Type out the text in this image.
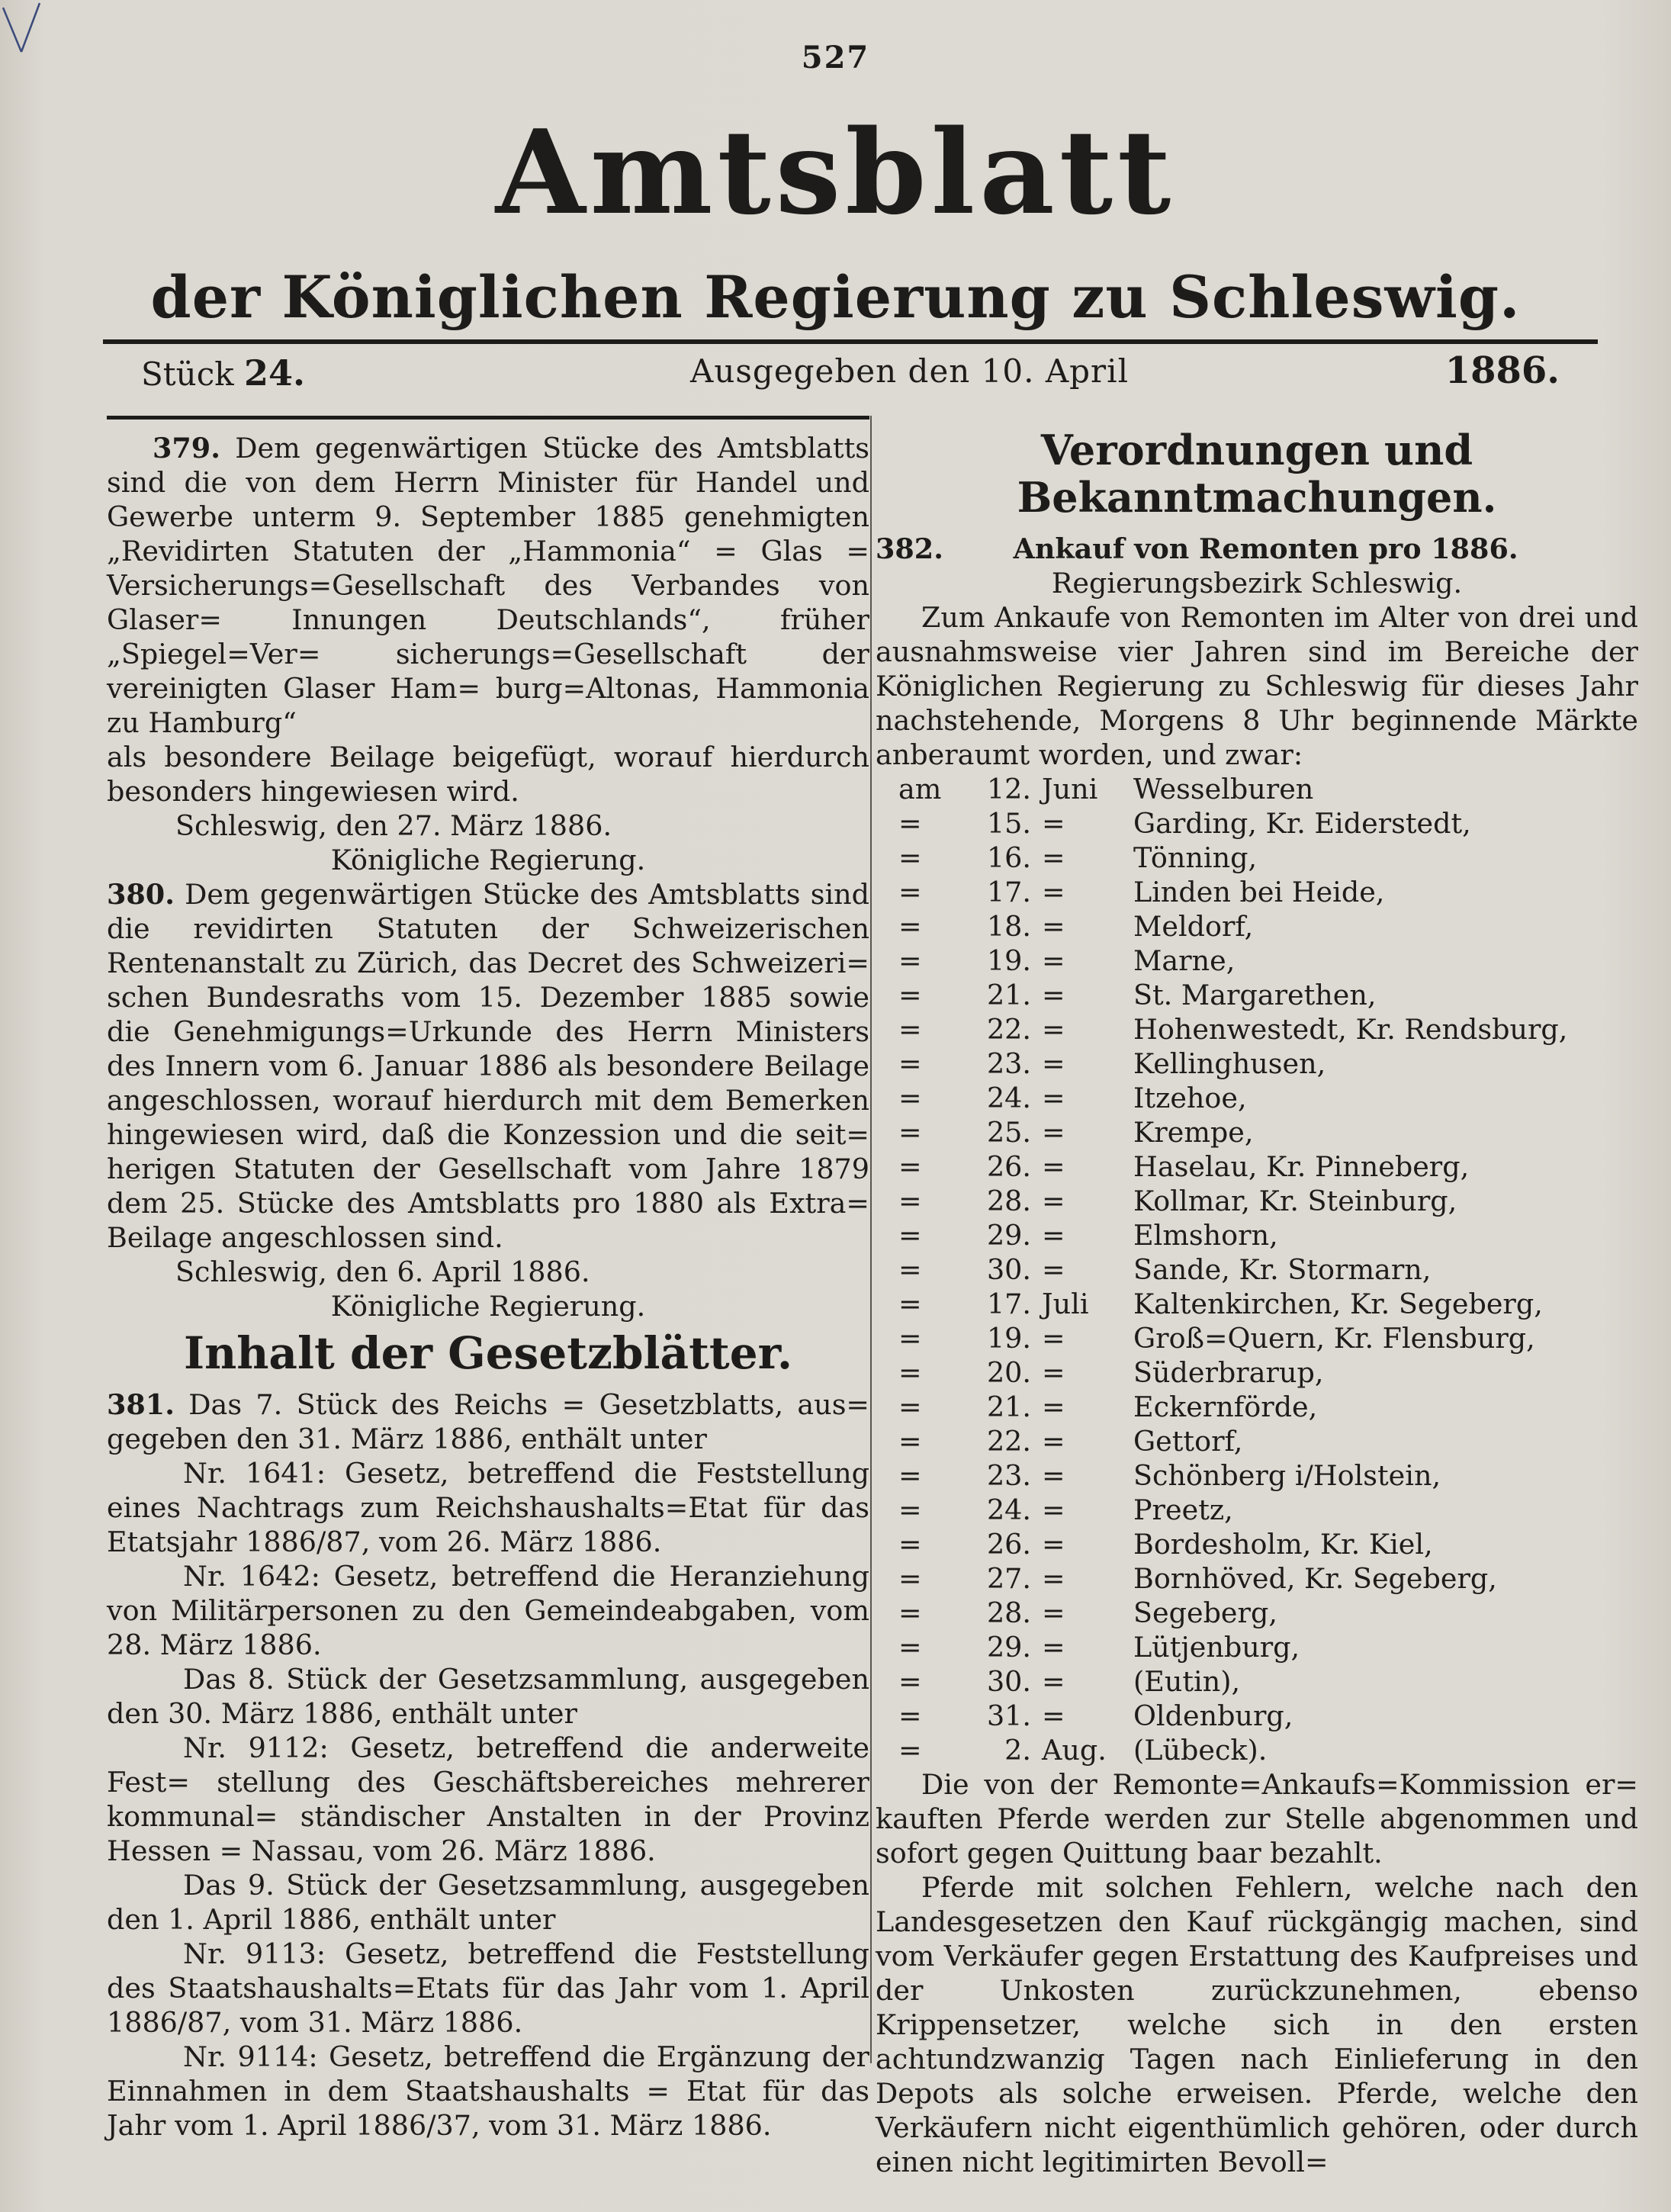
527
Amtsblatt
der Königlichen Regierung zu Schleswig.
Stück 24.	Ausgegeben den 10. April	1886.

379. Dem gegenwärtigen Stücke des Amtsblatts sind die von dem Herrn Minister für Handel und Gewerbe unterm 9. September 1885 genehmigten „Revidirten Statuten der „Hammonia“ = Glas = Versicherungs=Gesellschaft des Verbandes von Glaser= Innungen Deutschlands“, früher „Spiegel=Ver= sicherungs=Gesellschaft der vereinigten Glaser Ham= burg=Altonas, Hammonia zu Hamburg“

als besondere Beilage beigefügt, worauf hierdurch besonders hingewiesen wird.

Schleswig, den 27. März 1886.

Königliche Regierung.

380. Dem gegenwärtigen Stücke des Amtsblatts sind die revidirten Statuten der Schweizerischen Rentenanstalt zu Zürich, das Decret des Schweizeri= schen Bundesraths vom 15. Dezember 1885 sowie die Genehmigungs=Urkunde des Herrn Ministers des Innern vom 6. Januar 1886 als besondere Beilage angeschlossen, worauf hierdurch mit dem Bemerken hingewiesen wird, daß die Konzession und die seit= herigen Statuten der Gesellschaft vom Jahre 1879 dem 25. Stücke des Amtsblatts pro 1880 als Extra= Beilage angeschlossen sind.

Schleswig, den 6. April 1886.

Königliche Regierung.

Inhalt der Gesetzblätter.

381. Das 7. Stück des Reichs = Gesetzblatts, aus= gegeben den 31. März 1886, enthält unter

Nr. 1641: Gesetz, betreffend die Feststellung eines Nachtrags zum Reichshaushalts=Etat für das Etatsjahr 1886/87, vom 26. März 1886.

Nr. 1642: Gesetz, betreffend die Heranziehung von Militärpersonen zu den Gemeindeabgaben, vom 28. März 1886.

Das 8. Stück der Gesetzsammlung, ausgegeben den 30. März 1886, enthält unter

Nr. 9112: Gesetz, betreffend die anderweite Fest= stellung des Geschäftsbereiches mehrerer kommunal= ständischer Anstalten in der Provinz Hessen = Nassau, vom 26. März 1886.

Das 9. Stück der Gesetzsammlung, ausgegeben den 1. April 1886, enthält unter

Nr. 9113: Gesetz, betreffend die Feststellung des Staatshaushalts=Etats für das Jahr vom 1. April 1886/87, vom 31. März 1886.

Nr. 9114: Gesetz, betreffend die Ergänzung der Einnahmen in dem Staatshaushalts = Etat für das Jahr vom 1. April 1886/37, vom 31. März 1886.

Verordnungen und Bekanntmachungen.

382.	Ankauf von Remonten pro 1886.

Regierungsbezirk Schleswig.

Zum Ankaufe von Remonten im Alter von drei und ausnahmsweise vier Jahren sind im Bereiche der Königlichen Regierung zu Schleswig für dieses Jahr nachstehende, Morgens 8 Uhr beginnende Märkte anberaumt worden, und zwar:

am	12. Juni	Wesselburen
=	15. =	Garding, Kr. Eiderstedt,
=	16. =	Tönning,
=	17. =	Linden bei Heide,
=	18. =	Meldorf,
=	19. =	Marne,
=	21. =	St. Margarethen,
=	22. =	Hohenwestedt, Kr. Rendsburg,
=	23. =	Kellinghusen,
=	24. =	Itzehoe,
=	25. =	Krempe,
=	26. =	Haselau, Kr. Pinneberg,
=	28. =	Kollmar, Kr. Steinburg,
=	29. =	Elmshorn,
=	30. =	Sande, Kr. Stormarn,
=	17. Juli	Kaltenkirchen, Kr. Segeberg,
=	19. =	Groß=Quern, Kr. Flensburg,
=	20. =	Süderbrarup,
=	21. =	Eckernförde,
=	22. =	Gettorf,
=	23. =	Schönberg i/Holstein,
=	24. =	Preetz,
=	26. =	Bordesholm, Kr. Kiel,
=	27. =	Bornhöved, Kr. Segeberg,
=	28. =	Segeberg,
=	29. =	Lütjenburg,
=	30. =	(Eutin),
=	31. =	Oldenburg,
=	2. Aug. (Lübeck).

Die von der Remonte=Ankaufs=Kommission er= kauften Pferde werden zur Stelle abgenommen und sofort gegen Quittung baar bezahlt.

Pferde mit solchen Fehlern, welche nach den Landesgesetzen den Kauf rückgängig machen, sind vom Verkäufer gegen Erstattung des Kaufpreises und der Unkosten zurückzunehmen, ebenso Krippensetzer, welche sich in den ersten achtundzwanzig Tagen nach Einlieferung in den Depots als solche erweisen. Pferde, welche den Verkäufern nicht eigenthümlich gehören, oder durch einen nicht legitimirten Bevoll=
